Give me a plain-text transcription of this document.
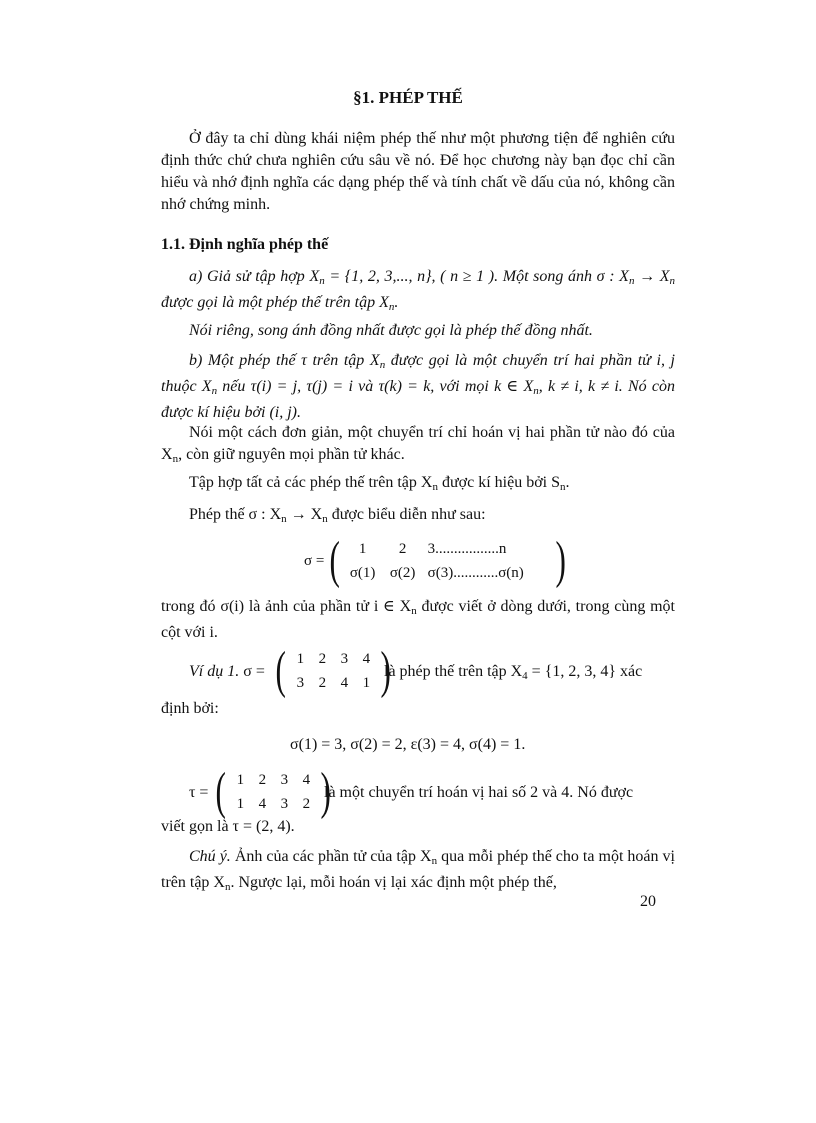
§1. PHÉP THẾ

Ở đây ta chỉ dùng khái niệm phép thế như một phương tiện để nghiên cứu định thức chứ chưa nghiên cứu sâu về nó. Để học chương này bạn đọc chỉ cần hiểu và nhớ định nghĩa các dạng phép thế và tính chất về dấu của nó, không cần nhớ chứng minh.

1.1. Định nghĩa phép thế

a) Giả sử tập hợp $X_n = \{1$, 2, 3,..., n}, ( n ≥ 1 ). Một song ánh σ : $X_n \to X_n$ được gọi là một phép thế trên tập $X_n$.

Nói riêng, song ánh đồng nhất được gọi là phép thế đồng nhất.

b) Một phép thế τ trên tập $X_n$ được gọi là một chuyển trí hai phần tử i, j thuộc $X_n$ nếu τ(i) = j, τ(j) = i và τ(k) = k, với mọi k ∈ $X_n$, k ≠ i, k ≠ i. Nó còn được kí hiệu bởi (i, j).

Nói một cách đơn giản, một chuyển trí chỉ hoán vị hai phần tử nào đó của $X_n$, còn giữ nguyên mọi phần tử khác.

Tập hợp tất cả các phép thế trên tập $X_n$ được kí hiệu bởi $S_n$.

Phép thế σ : $X_n \to X_n$ được biểu diễn như sau:

σ = (	1	2	3.................n
σ(1) σ(2) σ(3)............σ(n) )

trong đó σ(i) là ảnh của phần tử i ∈ $X_n$ được viết ở dòng dưới, trong cùng một cột với i.

Ví dụ 1. σ = ( 1 2 3 4
3 2 4 1 )
là phép thế trên tập $X_4 = \{1$, 2, 3, 4} xác
định bởi:
σ(1) = 3, σ(2) = 2, ε(3) = 4, σ(4) = 1.
τ = ( 1 2 3 4
1 4 3 2 )
là một chuyển trí hoán vị hai số 2 và 4. Nó được
viết gọn là τ = (2, 4).

Chú ý. Ảnh của các phần tử của tập $X_n$ qua mỗi phép thế cho ta một hoán vị trên tập $X_n$. Ngược lại, mỗi hoán vị lại xác định một phép thế,

20
